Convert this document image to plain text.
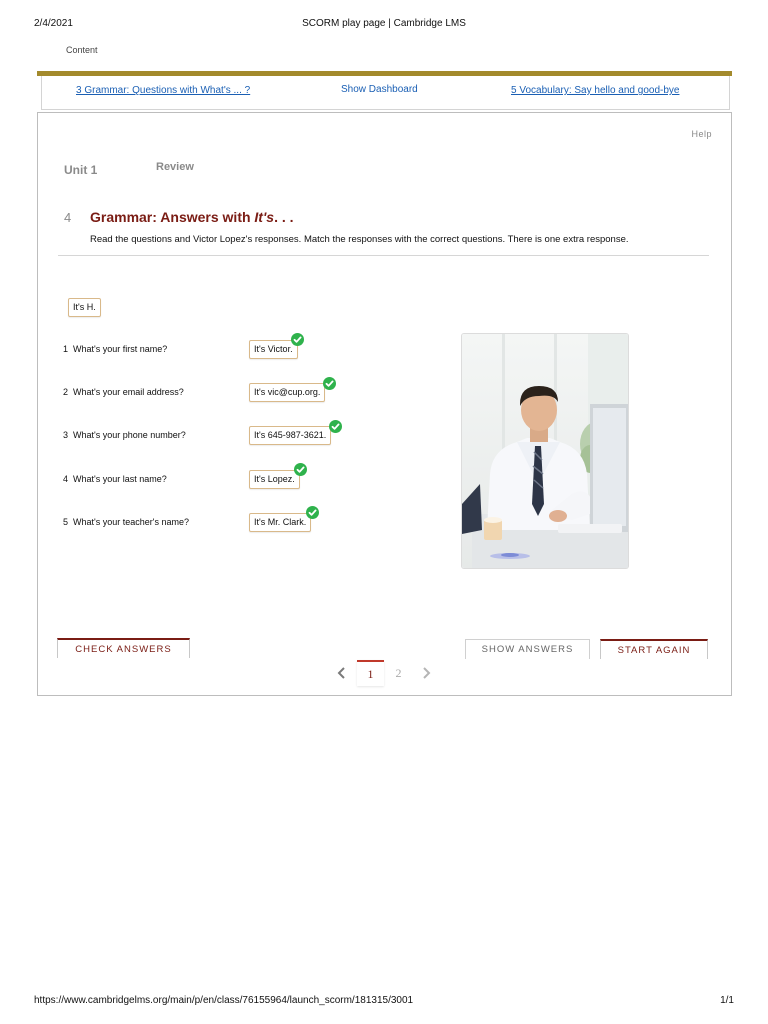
2/4/2021	SCORM play page | Cambridge LMS
Content
3 Grammar: Questions with What's ... ?	Show Dashboard	5 Vocabulary: Say hello and good-bye
Help
Unit 1	Review
4 Grammar: Answers with It's. . .
Read the questions and Victor Lopez's responses. Match the responses with the correct questions. There is one extra response.
It's H.
1 What's your first name?	It's Victor.
2 What's your email address?	It's vic@cup.org.
3 What's your phone number?	It's 645-987-3621.
4 What's your last name?	It's Lopez.
5 What's your teacher's name?	It's Mr. Clark.
CHECK ANSWERS	SHOW ANSWERS	START AGAIN
1	2
https://www.cambridgelms.org/main/p/en/class/76155964/launch_scorm/181315/3001	1/1
